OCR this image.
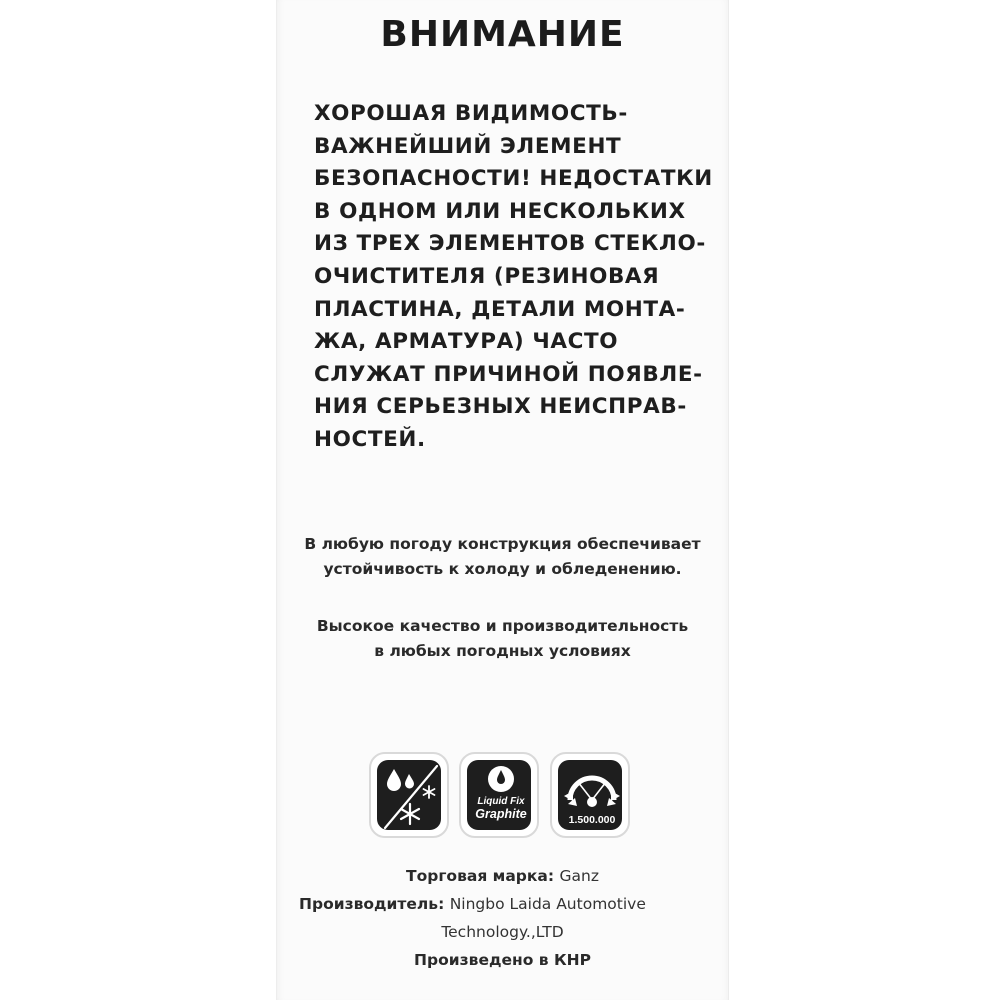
ВНИМАНИЕ

ХОРОШАЯ ВИДИМОСТЬ-
ВАЖНЕЙШИЙ ЭЛЕМЕНТ
БЕЗОПАСНОСТИ! НЕДОСТАТКИ
В ОДНОМ ИЛИ НЕСКОЛЬКИХ
ИЗ ТРЕХ ЭЛЕМЕНТОВ СТЕКЛО-
ОЧИСТИТЕЛЯ (РЕЗИНОВАЯ
ПЛАСТИНА, ДЕТАЛИ МОНТА-
ЖА, АРМАТУРА) ЧАСТО
СЛУЖАТ ПРИЧИНОЙ ПОЯВЛЕ-
НИЯ СЕРЬЕЗНЫХ НЕИСПРАВ-
НОСТЕЙ.

В любую погоду конструкция обеспечивает
устойчивость к холоду и обледенению.

Высокое качество и производительность
в любых погодных условиях

Liquid Fix
Graphite	1.500.000
Торговая марка: Ganz
Производитель: Ningbo Laida Automotive
Technology.,LTD
Произведено в КНР
